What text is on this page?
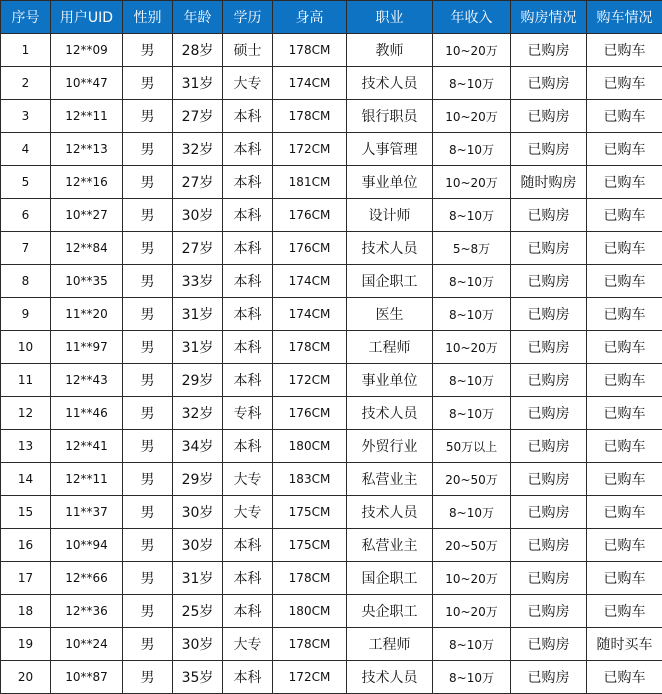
序号	用户UID	性别	年龄	学历	身高	职业	年收入	购房情况	购车情况
1	12**09	男	28岁	硕士	178CM	教师	10~20万	已购房	已购车
2	10**47	男	31岁	大专	174CM	技术人员	8~10万	已购房	已购车
3	12**11	男	27岁	本科	178CM	银行职员	10~20万	已购房	已购车
4	12**13	男	32岁	本科	172CM	人事管理	8~10万	已购房	已购车
5	12**16	男	27岁	本科	181CM	事业单位	10~20万	随时购房	已购车
6	10**27	男	30岁	本科	176CM	设计师	8~10万	已购房	已购车
7	12**84	男	27岁	本科	176CM	技术人员	5~8万	已购房	已购车
8	10**35	男	33岁	本科	174CM	国企职工	8~10万	已购房	已购车
9	11**20	男	31岁	本科	174CM	医生	8~10万	已购房	已购车
10	11**97	男	31岁	本科	178CM	工程师	10~20万	已购房	已购车
11	12**43	男	29岁	本科	172CM	事业单位	8~10万	已购房	已购车
12	11**46	男	32岁	专科	176CM	技术人员	8~10万	已购房	已购车
13	12**41	男	34岁	本科	180CM	外贸行业	50万以上	已购房	已购车
14	12**11	男	29岁	大专	183CM	私营业主	20~50万	已购房	已购车
15	11**37	男	30岁	大专	175CM	技术人员	8~10万	已购房	已购车
16	10**94	男	30岁	本科	175CM	私营业主	20~50万	已购房	已购车
17	12**66	男	31岁	本科	178CM	国企职工	10~20万	已购房	已购车
18	12**36	男	25岁	本科	180CM	央企职工	10~20万	已购房	已购车
19	10**24	男	30岁	大专	178CM	工程师	8~10万	已购房	随时买车
20	10**87	男	35岁	本科	172CM	技术人员	8~10万	已购房	已购车
